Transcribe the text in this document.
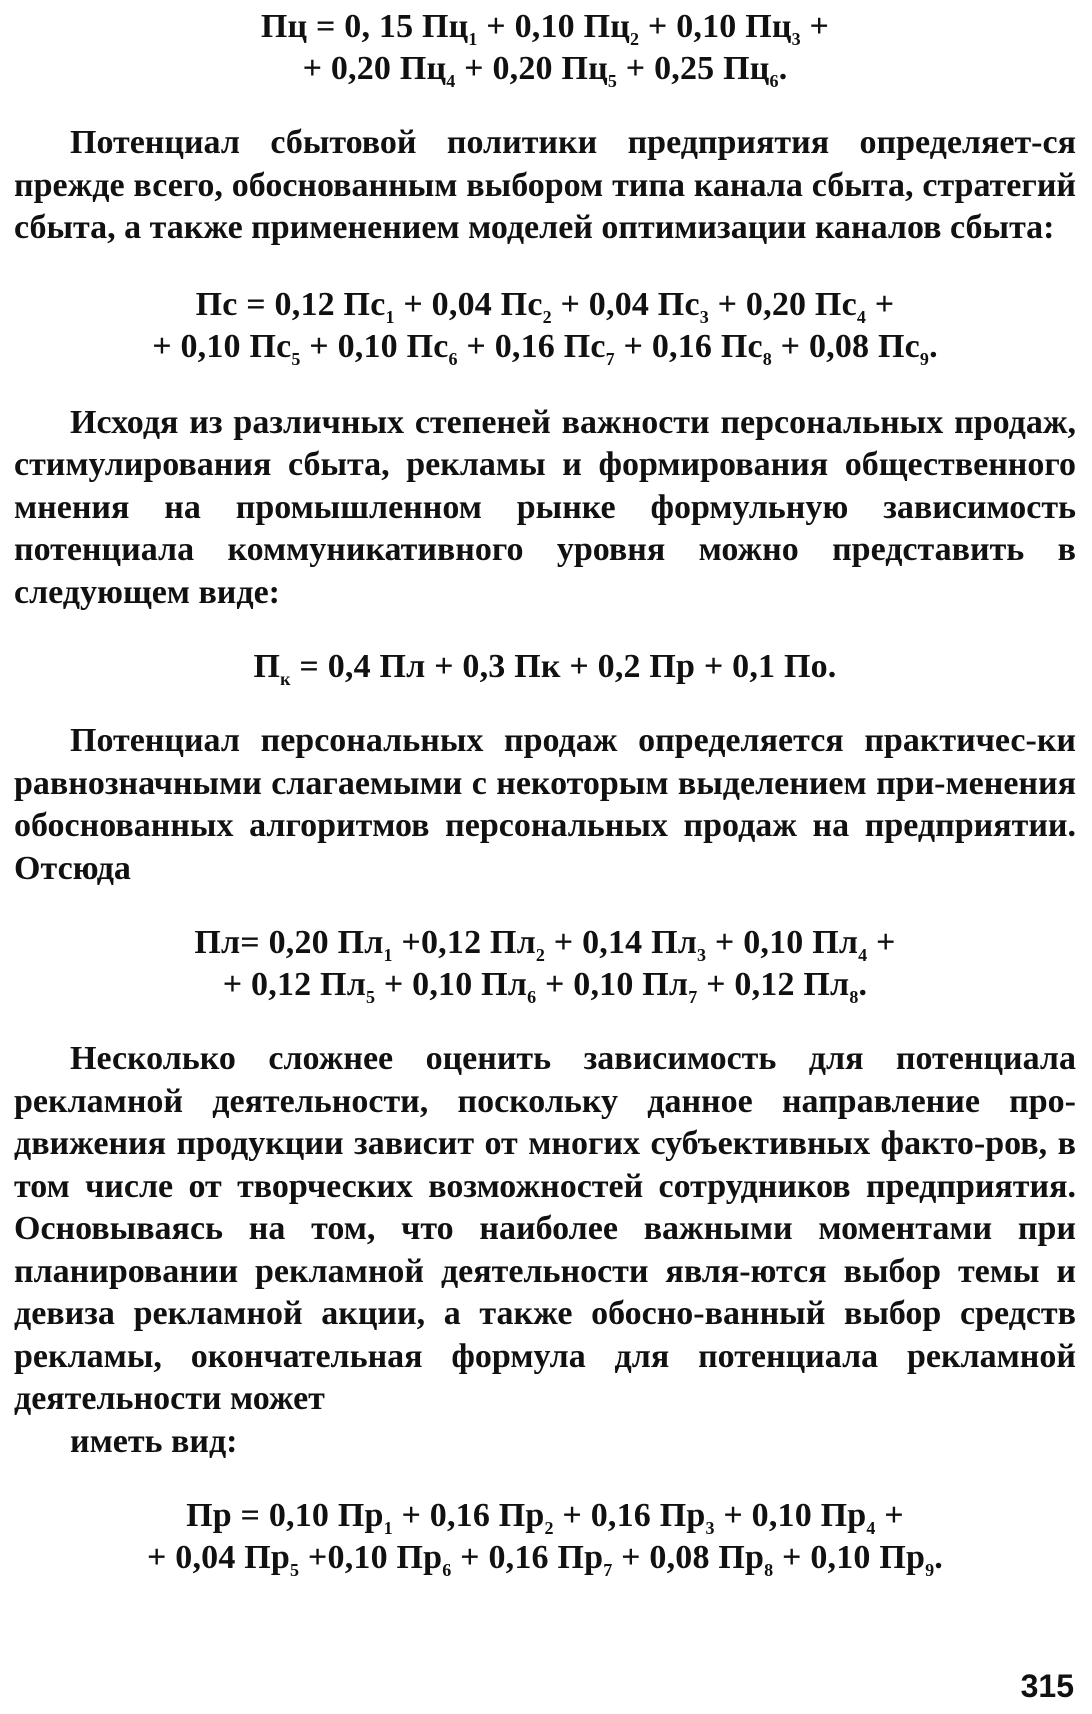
Пц = 0, 15 $Пц_1 + 0,10$ $Пц_2 + 0,10$ $Пц_3$ +

+ 0,20 $Пц_4 + 0,20$ $Пц_5 + 0,25$ $Пц_6$.

Потенциал сбытовой политики предприятия определяет-ся прежде всего, обоснованным выбором типа канала сбыта, стратегий сбыта, а также применением моделей оптимизации каналов сбыта:

Пс = 0,12 $Пс_1 + 0,04$ $Пс_2 + 0,04$ $Пс_3 + 0,20$ $Пс_4$ +

+ 0,10 $Пс_5 + 0,10$ $Пс_6 + 0,16$ $Пс_7 + 0,16$ $Пс_8 + 0,08$ $Пс_9$.

Исходя из различных степеней важности персональных продаж, стимулирования сбыта, рекламы и формирования общественного мнения на промышленном рынке формульную зависимость потенциала коммуникативного уровня можно представить в следующем виде:

$П_к = 0,4$ Пл + 0,3 Пк + 0,2 Пр + 0,1 По.

Потенциал персональных продаж определяется практичес-ки равнозначными слагаемыми с некоторым выделением при-менения обоснованных алгоритмов персональных продаж на предприятии. Отсюда

Пл= 0,20 $Пл_1 +0,12$ $Пл_2 + 0,14$ $Пл_3 + 0,10$ $Пл_4$ +

+ 0,12 $Пл_5 + 0,10$ $Пл_6 + 0,10$ $Пл_7 + 0,12$ $Пл_8$.

Несколько сложнее оценить зависимость для потенциала рекламной деятельности, поскольку данное направление про-движения продукции зависит от многих субъективных факто-ров, в том числе от творческих возможностей сотрудников предприятия. Основываясь на том, что наиболее важными моментами при планировании рекламной деятельности явля-ются выбор темы и девиза рекламной акции, а также обосно-ванный выбор средств рекламы, окончательная формула для потенциала рекламной деятельности может

иметь вид:

Пр = 0,10 $Пр_1 + 0,16$ $Пр_2 + 0,16$ $Пр_3 + 0,10$ $Пр_4$ +

+ 0,04 $Пр_5 +0,10$ $Пр_6 + 0,16$ $Пр_7 + 0,08$ $Пр_8 + 0,10$ $Пр_9$.

315
